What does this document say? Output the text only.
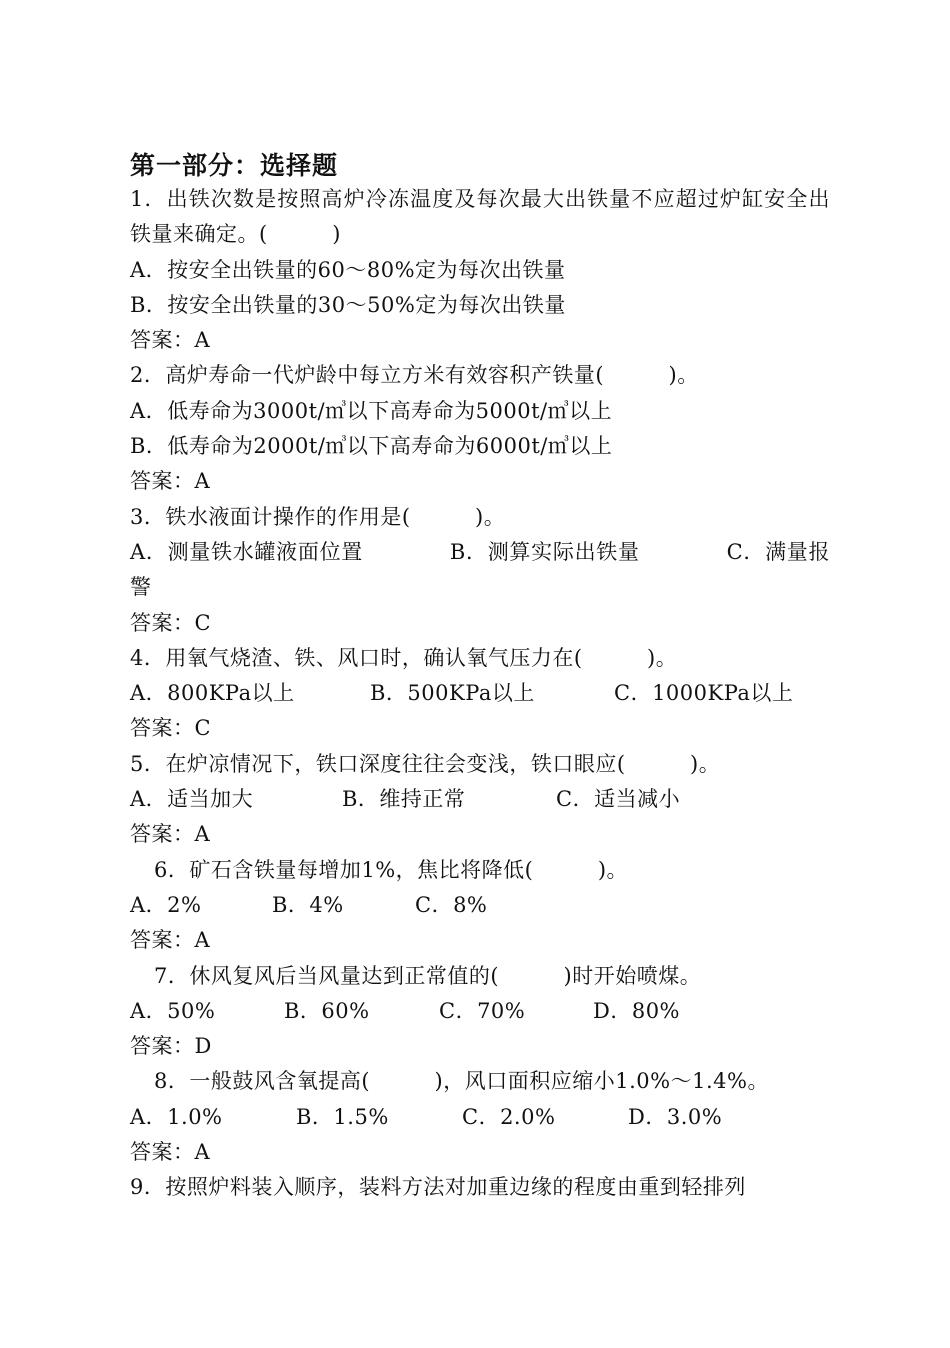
第一部分：选择题
1．出铁次数是按照高炉冷冻温度及每次最大出铁量不应超过炉缸安全出铁量来确定。(　　　)
A．按安全出铁量的60～80%定为每次出铁量
B．按安全出铁量的30～50%定为每次出铁量
答案：A
2．高炉寿命一代炉龄中每立方米有效容积产铁量(　　　)。
A．低寿命为3000t/㎥以下高寿命为5000t/㎥以上
B．低寿命为2000t/㎥以下高寿命为6000t/㎥以上
答案：A
3．铁水液面计操作的作用是(　　　)。
A．测量铁水罐液面位置　　　　B．测算实际出铁量　　　　C．满量报警
答案：C
4．用氧气烧渣、铁、风口时，确认氧气压力在(　　　)。
A．800KPa以上	B．500KPa以上	C．1000KPa以上
答案：C
5．在炉凉情况下，铁口深度往往会变浅，铁口眼应(　　　)。
A．适当加大	B．维持正常	C．适当减小
答案：A
6．矿石含铁量每增加1%，焦比将降低(　　　)。
A．2%	B．4%	C．8%
答案：A
7．休风复风后当风量达到正常值的(　　　)时开始喷煤。
A．50%	B．60%	C．70%	D．80%
答案：D
8．一般鼓风含氧提高(　　　)，风口面积应缩小1.0%～1.4%。
A．1.0%	B．1.5%	C．2.0%	D．3.0%
答案：A
9．按照炉料装入顺序，装料方法对加重边缘的程度由重到轻排列
